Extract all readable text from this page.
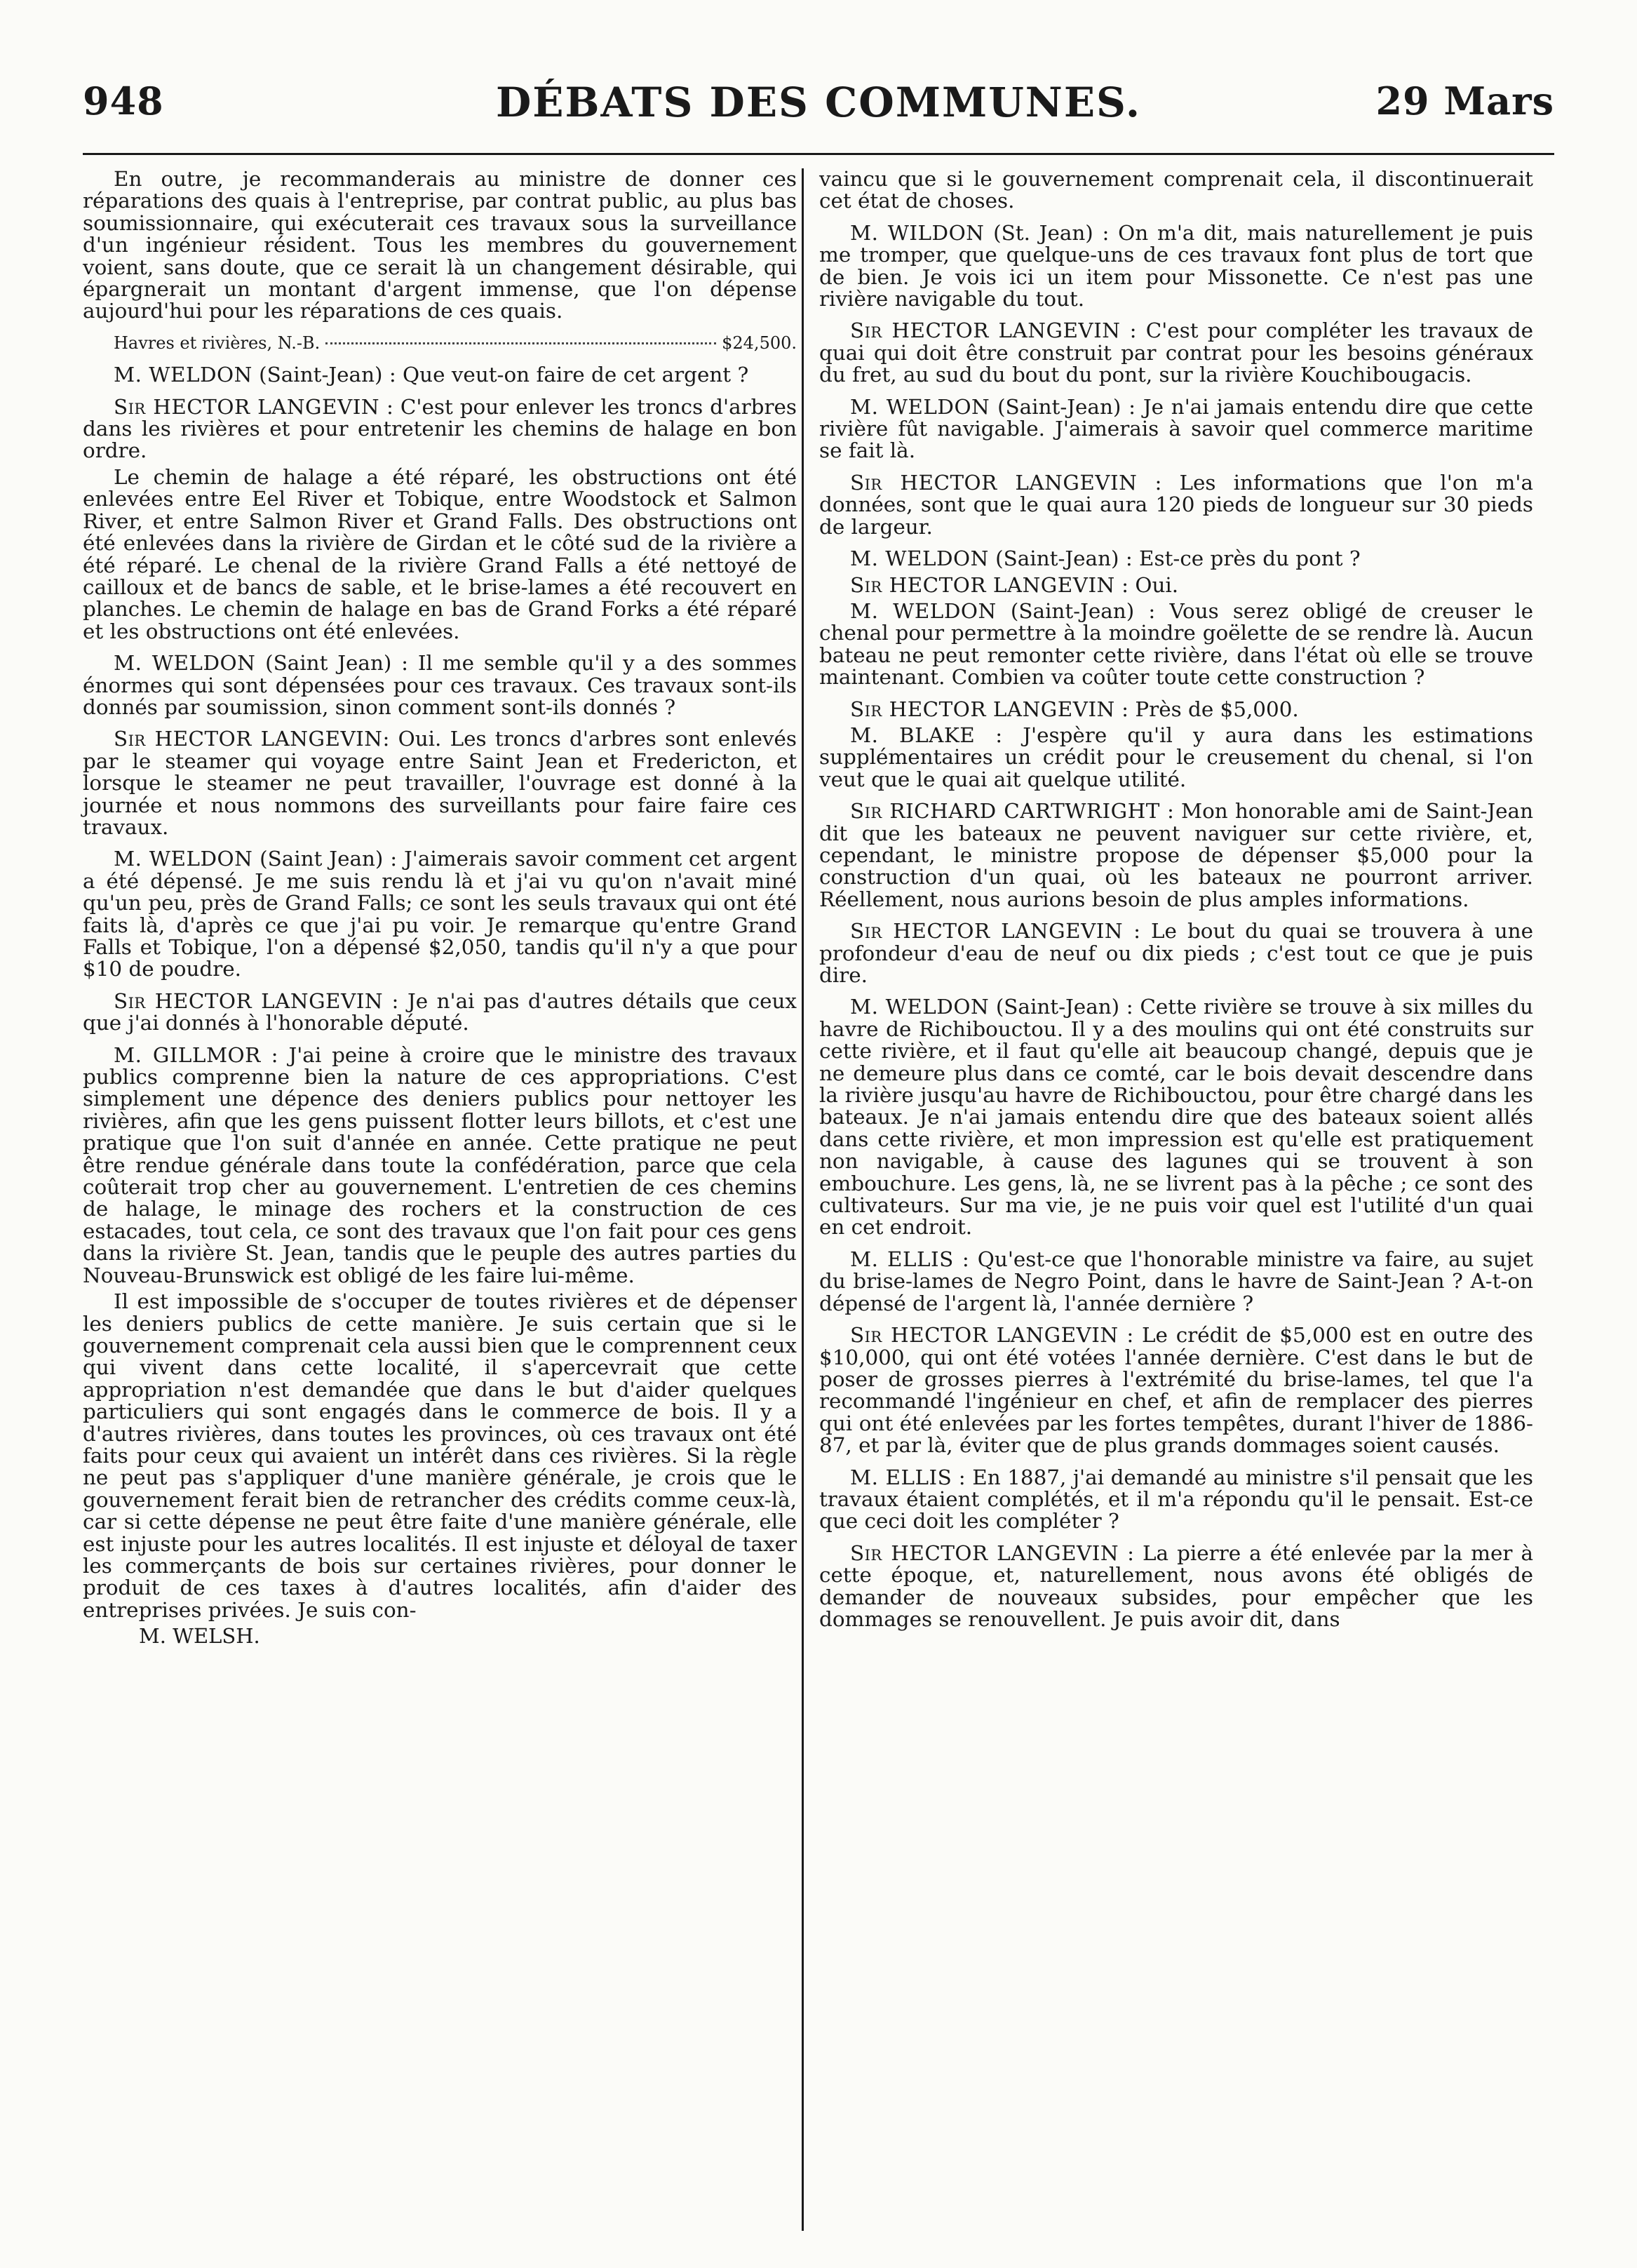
948	DÉBATS DES COMMUNES.	29 Mars

En outre, je recommanderais au ministre de donner ces réparations des quais à l'entreprise, par contrat public, au plus bas soumissionnaire, qui exécuterait ces travaux sous la surveillance d'un ingénieur résident. Tous les membres du gouvernement voient, sans doute, que ce serait là un changement désirable, qui épargnerait un montant d'argent immense, que l'on dépense aujourd'hui pour les réparations de ces quais.

Havres et rivières, N.-B.	$24,500.

M. WELDON (Saint-Jean) : Que veut-on faire de cet argent ?

Sir HECTOR LANGEVIN : C'est pour enlever les troncs d'arbres dans les rivières et pour entretenir les chemins de halage en bon ordre.

Le chemin de halage a été réparé, les obstructions ont été enlevées entre Eel River et Tobique, entre Woodstock et Salmon River, et entre Salmon River et Grand Falls. Des obstructions ont été enlevées dans la rivière de Girdan et le côté sud de la rivière a été réparé. Le chenal de la rivière Grand Falls a été nettoyé de cailloux et de bancs de sable, et le brise-lames a été recouvert en planches. Le chemin de halage en bas de Grand Forks a été réparé et les obstructions ont été enlevées.

M. WELDON (Saint Jean) : Il me semble qu'il y a des sommes énormes qui sont dépensées pour ces travaux. Ces travaux sont-ils donnés par soumission, sinon comment sont-ils donnés ?

Sir HECTOR LANGEVIN: Oui. Les troncs d'arbres sont enlevés par le steamer qui voyage entre Saint Jean et Fredericton, et lorsque le steamer ne peut travailler, l'ouvrage est donné à la journée et nous nommons des surveillants pour faire faire ces travaux.

M. WELDON (Saint Jean) : J'aimerais savoir comment cet argent a été dépensé. Je me suis rendu là et j'ai vu qu'on n'avait miné qu'un peu, près de Grand Falls; ce sont les seuls travaux qui ont été faits là, d'après ce que j'ai pu voir. Je remarque qu'entre Grand Falls et Tobique, l'on a dépensé $2,050, tandis qu'il n'y a que pour $10 de poudre.

Sir HECTOR LANGEVIN : Je n'ai pas d'autres détails que ceux que j'ai donnés à l'honorable député.

M. GILLMOR : J'ai peine à croire que le ministre des travaux publics comprenne bien la nature de ces appropriations. C'est simplement une dépence des deniers publics pour nettoyer les rivières, afin que les gens puissent flotter leurs billots, et c'est une pratique que l'on suit d'année en année. Cette pratique ne peut être rendue générale dans toute la confédération, parce que cela coûterait trop cher au gouvernement. L'entretien de ces chemins de halage, le minage des rochers et la construction de ces estacades, tout cela, ce sont des travaux que l'on fait pour ces gens dans la rivière St. Jean, tandis que le peuple des autres parties du Nouveau-Brunswick est obligé de les faire lui-même.

Il est impossible de s'occuper de toutes rivières et de dépenser les deniers publics de cette manière. Je suis certain que si le gouvernement comprenait cela aussi bien que le comprennent ceux qui vivent dans cette localité, il s'apercevrait que cette appropriation n'est demandée que dans le but d'aider quelques particuliers qui sont engagés dans le commerce de bois. Il y a d'autres rivières, dans toutes les provinces, où ces travaux ont été faits pour ceux qui avaient un intérêt dans ces rivières. Si la règle ne peut pas s'appliquer d'une manière générale, je crois que le gouvernement ferait bien de retrancher des crédits comme ceux-là, car si cette dépense ne peut être faite d'une manière générale, elle est injuste pour les autres localités. Il est injuste et déloyal de taxer les commerçants de bois sur certaines rivières, pour donner le produit de ces taxes à d'autres localités, afin d'aider des entreprises privées. Je suis con-

M. WELSH.

vaincu que si le gouvernement comprenait cela, il discontinuerait cet état de choses.

M. WILDON (St. Jean) : On m'a dit, mais naturellement je puis me tromper, que quelque-uns de ces travaux font plus de tort que de bien. Je vois ici un item pour Missonette. Ce n'est pas une rivière navigable du tout.

Sir HECTOR LANGEVIN : C'est pour compléter les travaux de quai qui doit être construit par contrat pour les besoins généraux du fret, au sud du bout du pont, sur la rivière Kouchibougacis.

M. WELDON (Saint-Jean) : Je n'ai jamais entendu dire que cette rivière fût navigable. J'aimerais à savoir quel commerce maritime se fait là.

Sir HECTOR LANGEVIN : Les informations que l'on m'a données, sont que le quai aura 120 pieds de longueur sur 30 pieds de largeur.

M. WELDON (Saint-Jean) : Est-ce près du pont ?

Sir HECTOR LANGEVIN : Oui.

M. WELDON (Saint-Jean) : Vous serez obligé de creuser le chenal pour permettre à la moindre goëlette de se rendre là. Aucun bateau ne peut remonter cette rivière, dans l'état où elle se trouve maintenant. Combien va coûter toute cette construction ?

Sir HECTOR LANGEVIN : Près de $5,000.

M. BLAKE : J'espère qu'il y aura dans les estimations supplémentaires un crédit pour le creusement du chenal, si l'on veut que le quai ait quelque utilité.

Sir RICHARD CARTWRIGHT : Mon honorable ami de Saint-Jean dit que les bateaux ne peuvent naviguer sur cette rivière, et, cependant, le ministre propose de dépenser $5,000 pour la construction d'un quai, où les bateaux ne pourront arriver. Réellement, nous aurions besoin de plus amples informations.

Sir HECTOR LANGEVIN : Le bout du quai se trouvera à une profondeur d'eau de neuf ou dix pieds ; c'est tout ce que je puis dire.

M. WELDON (Saint-Jean) : Cette rivière se trouve à six milles du havre de Richibouctou. Il y a des moulins qui ont été construits sur cette rivière, et il faut qu'elle ait beaucoup changé, depuis que je ne demeure plus dans ce comté, car le bois devait descendre dans la rivière jusqu'au havre de Richibouctou, pour être chargé dans les bateaux. Je n'ai jamais entendu dire que des bateaux soient allés dans cette rivière, et mon impression est qu'elle est pratiquement non navigable, à cause des lagunes qui se trouvent à son embouchure. Les gens, là, ne se livrent pas à la pêche ; ce sont des cultivateurs. Sur ma vie, je ne puis voir quel est l'utilité d'un quai en cet endroit.

M. ELLIS : Qu'est-ce que l'honorable ministre va faire, au sujet du brise-lames de Negro Point, dans le havre de Saint-Jean ? A-t-on dépensé de l'argent là, l'année dernière ?

Sir HECTOR LANGEVIN : Le crédit de $5,000 est en outre des $10,000, qui ont été votées l'année dernière. C'est dans le but de poser de grosses pierres à l'extrémité du brise-lames, tel que l'a recommandé l'ingénieur en chef, et afin de remplacer des pierres qui ont été enlevées par les fortes tempêtes, durant l'hiver de 1886-87, et par là, éviter que de plus grands dommages soient causés.

M. ELLIS : En 1887, j'ai demandé au ministre s'il pensait que les travaux étaient complétés, et il m'a répondu qu'il le pensait. Est-ce que ceci doit les compléter ?

Sir HECTOR LANGEVIN : La pierre a été enlevée par la mer à cette époque, et, naturellement, nous avons été obligés de demander de nouveaux subsides, pour empêcher que les dommages se renouvellent. Je puis avoir dit, dans
